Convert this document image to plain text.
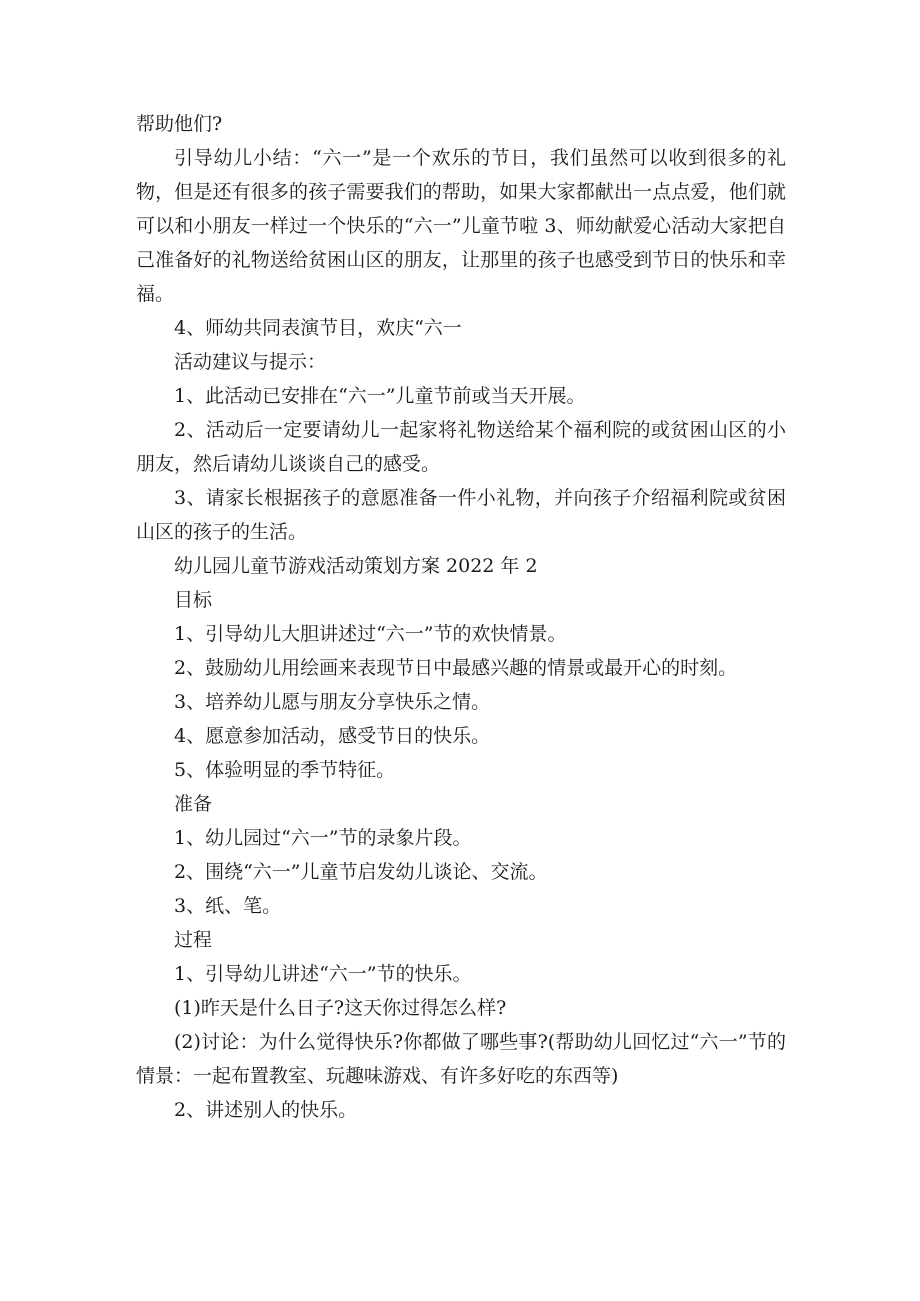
帮助他们?

引导幼儿小结：“六一”是一个欢乐的节日，我们虽然可以收到很多的礼物，但是还有很多的孩子需要我们的帮助，如果大家都献出一点点爱，他们就可以和小朋友一样过一个快乐的“六一”儿童节啦 3、师幼献爱心活动大家把自己准备好的礼物送给贫困山区的朋友，让那里的孩子也感受到节日的快乐和幸福。

4、师幼共同表演节目，欢庆“六一

活动建议与提示：

1、此活动已安排在“六一”儿童节前或当天开展。

2、活动后一定要请幼儿一起家将礼物送给某个福利院的或贫困山区的小朋友，然后请幼儿谈谈自己的感受。

3、请家长根据孩子的意愿准备一件小礼物，并向孩子介绍福利院或贫困山区的孩子的生活。

幼儿园儿童节游戏活动策划方案 2022 年 2

目标

1、引导幼儿大胆讲述过“六一”节的欢快情景。

2、鼓励幼儿用绘画来表现节日中最感兴趣的情景或最开心的时刻。

3、培养幼儿愿与朋友分享快乐之情。

4、愿意参加活动，感受节日的快乐。

5、体验明显的季节特征。

准备

1、幼儿园过“六一”节的录象片段。

2、围绕“六一”儿童节启发幼儿谈论、交流。

3、纸、笔。

过程

1、引导幼儿讲述“六一”节的快乐。

(1)昨天是什么日子?这天你过得怎么样?

(2)讨论：为什么觉得快乐?你都做了哪些事?(帮助幼儿回忆过“六一”节的情景：一起布置教室、玩趣味游戏、有许多好吃的东西等)

2、讲述别人的快乐。
